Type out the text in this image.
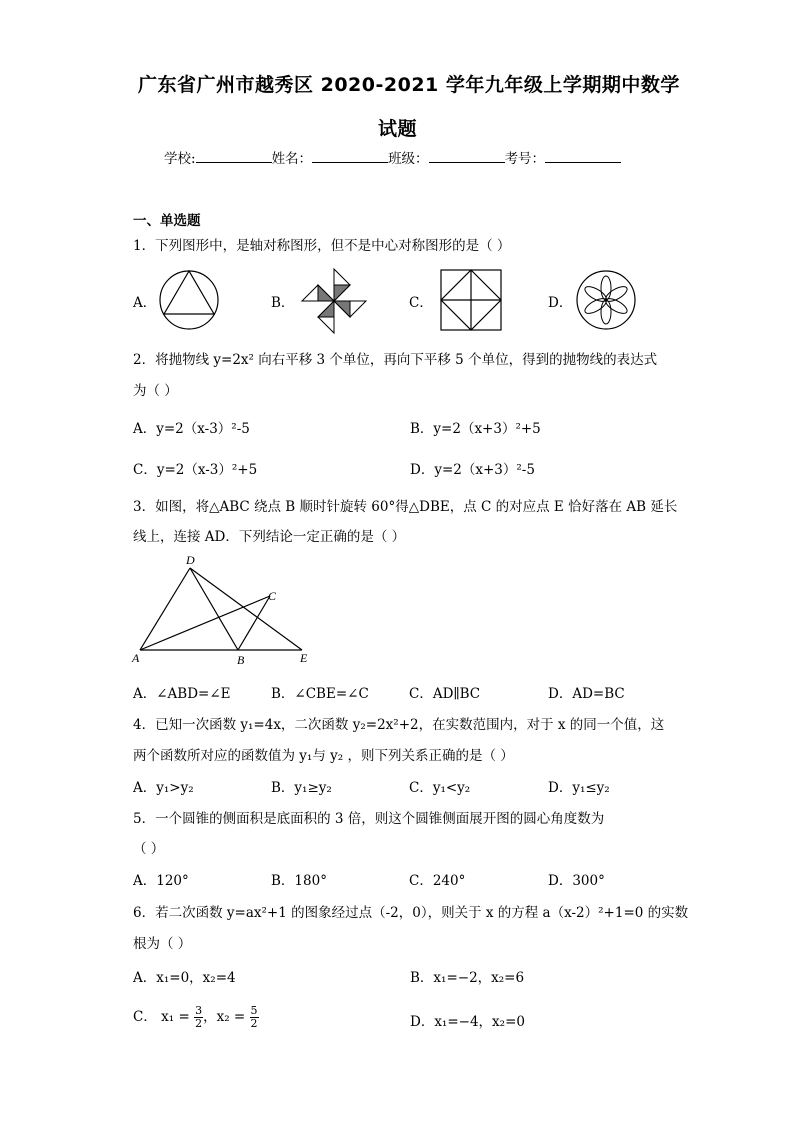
广东省广州市越秀区 2020-2021 学年九年级上学期期中数学
试题
学校:	姓名：	班级：	考号：
一、单选题
1．下列图形中，是轴对称图形，但不是中心对称图形的是（ ）
A．	B．	C．	D．
2．将抛物线 y=2x² 向右平移 3 个单位，再向下平移 5 个单位，得到的抛物线的表达式
为（ ）
A．y=2（x-3）²-5	B．y=2（x+3）²+5
C．y=2（x-3）²+5	D．y=2（x+3）²-5
3．如图，将△ABC 绕点 B 顺时针旋转 60°得△DBE，点 C 的对应点 E 恰好落在 AB 延长
线上，连接 AD．下列结论一定正确的是（ ）
D
C
A	B	E
A．∠ABD=∠E	B．∠CBE=∠C	C．AD∥BC	D．AD=BC
4．已知一次函数 y₁=4x，二次函数 y₂=2x²+2，在实数范围内，对于 x 的同一个值，这
两个函数所对应的函数值为 y₁与 y₂ ，则下列关系正确的是（ ）
A．y₁>y₂	B．y₁≥y₂	C．y₁<y₂	D．y₁≤y₂
5．一个圆锥的侧面积是底面积的 3 倍，则这个圆锥侧面展开图的圆心角度数为
（ ）
A．120°	B．180°	C．240°	D．300°
6．若二次函数 y=ax²+1 的图象经过点（-2，0），则关于 x 的方程 a（x-2）²+1=0 的实数
根为（ ）
A．x₁=0，x₂=4	B．x₁=−2，x₂=6
C． $x_1 = \frac{3}{2}$ ，$x_2 = \frac{5}{2}$	D．x₁=−4，x₂=0
